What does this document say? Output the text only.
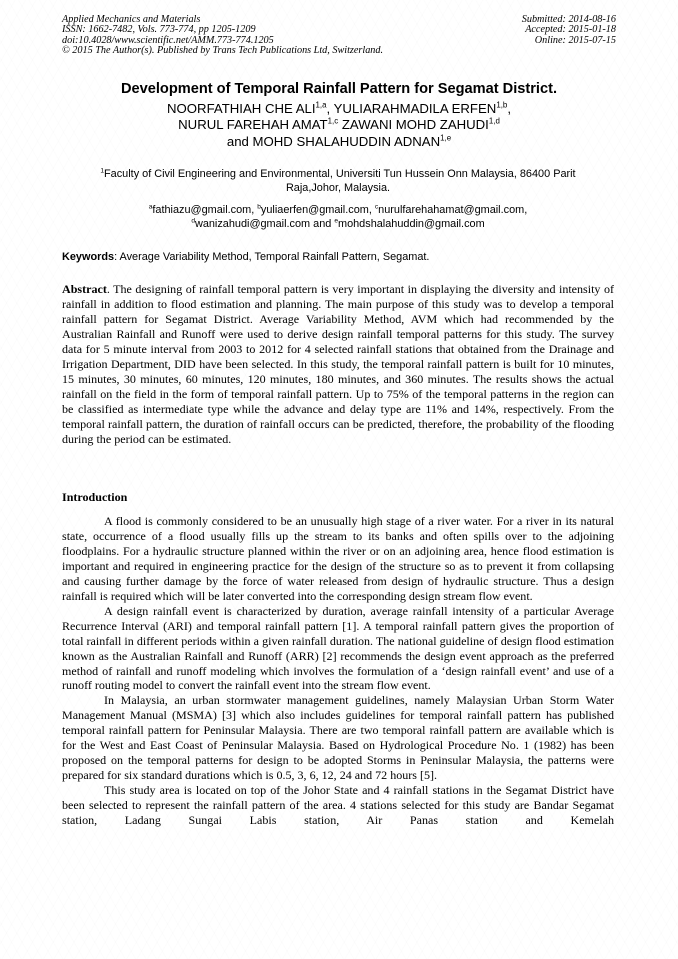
Applied Mechanics and Materials
ISSN: 1662-7482, Vols. 773-774, pp 1205-1209
doi:10.4028/www.scientific.net/AMM.773-774.1205
© 2015 The Author(s). Published by Trans Tech Publications Ltd, Switzerland.
Submitted: 2014-08-16
Accepted: 2015-01-18
Online: 2015-07-15
Development of Temporal Rainfall Pattern for Segamat District.
NOORFATHIAH CHE ALI$^{1,a}$, YULIARAHMADILA ERFEN$^{1,b}$,
NURUL FAREHAH AMAT$^{1,c}$ ZAWANI MOHD ZAHUDI$^{1,d}$
and MOHD SHALAHUDDIN ADNAN$^{1,e}$
$^1$Faculty of Civil Engineering and Environmental, Universiti Tun Hussein Onn Malaysia, 86400 Parit
Raja,Johor, Malaysia.
$^a$fathiazu@gmail.com, $^b$yuliaerfen@gmail.com, $^c$nurulfarehahamat@gmail.com,
$^d$wanizahudi@gmail.com and $^e$mohdshalahuddin@gmail.com
Keywords: Average Variability Method, Temporal Rainfall Pattern, Segamat.

Abstract. The designing of rainfall temporal pattern is very important in displaying the diversity and intensity of rainfall in addition to flood estimation and planning. The main purpose of this study was to develop a temporal rainfall pattern for Segamat District. Average Variability Method, AVM which had recommended by the Australian Rainfall and Runoff were used to derive design rainfall temporal patterns for this study. The survey data for 5 minute interval from 2003 to 2012 for 4 selected rainfall stations that obtained from the Drainage and Irrigation Department, DID have been selected. In this study, the temporal rainfall pattern is built for 10 minutes, 15 minutes, 30 minutes, 60 minutes, 120 minutes, 180 minutes, and 360 minutes. The results shows the actual rainfall on the field in the form of temporal rainfall pattern. Up to 75% of the temporal patterns in the region can be classified as intermediate type while the advance and delay type are 11% and 14%, respectively. From the temporal rainfall pattern, the duration of rainfall occurs can be predicted, therefore, the probability of the flooding during the period can be estimated.

Introduction

A flood is commonly considered to be an unusually high stage of a river water. For a river in its natural state, occurrence of a flood usually fills up the stream to its banks and often spills over to the adjoining floodplains. For a hydraulic structure planned within the river or on an adjoining area, hence flood estimation is important and required in engineering practice for the design of the structure so as to prevent it from collapsing and causing further damage by the force of water released from design of hydraulic structure. Thus a design rainfall is required which will be later converted into the corresponding design stream flow event.

A design rainfall event is characterized by duration, average rainfall intensity of a particular Average Recurrence Interval (ARI) and temporal rainfall pattern [1]. A temporal rainfall pattern gives the proportion of total rainfall in different periods within a given rainfall duration. The national guideline of design flood estimation known as the Australian Rainfall and Runoff (ARR) [2] recommends the design event approach as the preferred method of rainfall and runoff modeling which involves the formulation of a ‘design rainfall event’ and use of a runoff routing model to convert the rainfall event into the stream flow event.

In Malaysia, an urban stormwater management guidelines, namely Malaysian Urban Storm Water Management Manual (MSMA) [3] which also includes guidelines for temporal rainfall pattern has published temporal rainfall pattern for Peninsular Malaysia. There are two temporal rainfall pattern are available which is for the West and East Coast of Peninsular Malaysia. Based on Hydrological Procedure No. 1 (1982) has been proposed on the temporal patterns for design to be adopted Storms in Peninsular Malaysia, the patterns were prepared for six standard durations which is 0.5, 3, 6, 12, 24 and 72 hours [5].

This study area is located on top of the Johor State and 4 rainfall stations in the Segamat District have been selected to represent the rainfall pattern of the area. 4 stations selected for this study are Bandar Segamat station, Ladang Sungai Labis station, Air Panas station and Kemelah
